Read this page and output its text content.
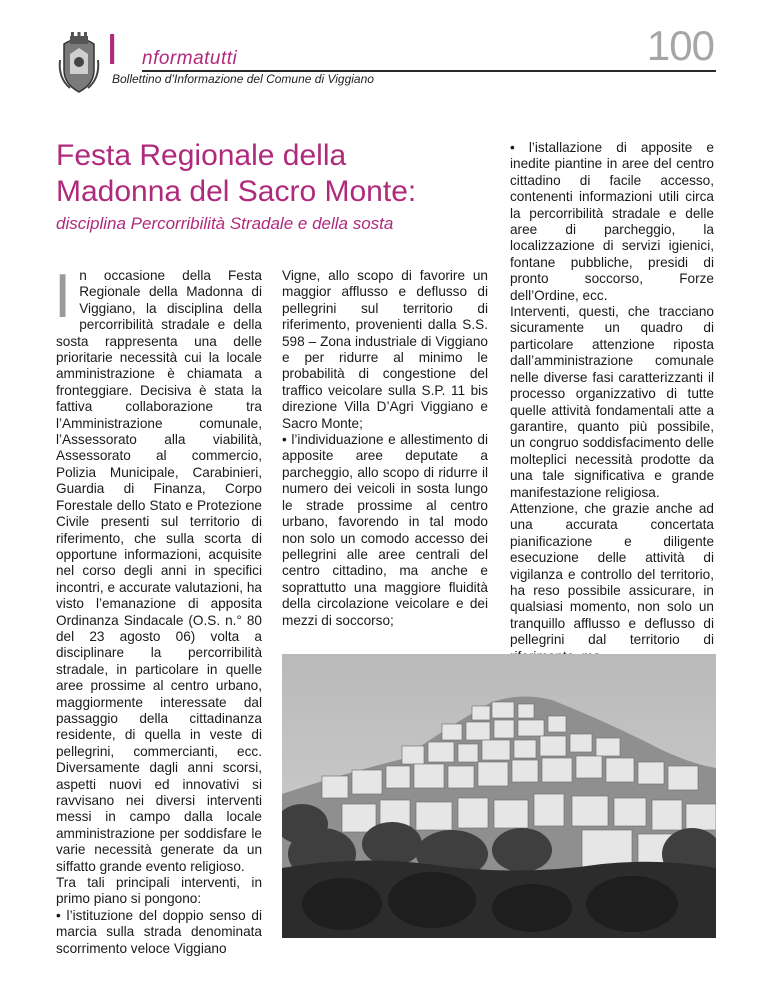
I nformatutti
Bollettino d’Informazione del Comune di Viggiano
100
Festa Regionale della
Madonna del Sacro Monte:
disciplina Percorribilità Stradale e della sosta
I n occasione della Festa Regionale della Madonna di Viggiano, la disciplina della percorribilità stradale e della sosta rappresenta una delle prioritarie necessità cui la locale amministrazione è chiamata a fronteggiare. Decisiva è stata la fattiva collaborazione tra l’Amministrazione comunale, l’Assessorato alla viabilità, Assessorato al commercio, Polizia Municipale, Carabinieri, Guardia di Finanza, Corpo Forestale dello Stato e Protezione Civile presenti sul territorio di riferimento, che sulla scorta di opportune informazioni, acquisite nel corso degli anni in specifici incontri, e accurate valutazioni, ha visto l’emanazione di apposita Ordinanza Sindacale (O.S. n.° 80 del 23 agosto 06) volta a disciplinare la percorribilità stradale, in particolare in quelle aree prossime al centro urbano, maggiormente interessate dal passaggio della cittadinanza residente, di quella in veste di pellegrini, commercianti, ecc. Diversamente dagli anni scorsi, aspetti nuovi ed innovativi si ravvisano nei diversi interventi messi in campo dalla locale amministrazione per soddisfare le varie necessità generate da un siffatto grande evento religioso.

Tra tali principali interventi, in primo piano si pongono:

• l’istituzione del doppio senso di marcia sulla strada denominata scorrimento veloce Viggiano

Vigne, allo scopo di favorire un maggior afflusso e deflusso di pellegrini sul territorio di riferimento, provenienti dalla S.S. 598 – Zona industriale di Viggiano e per ridurre al minimo le probabilità di congestione del traffico veicolare sulla S.P. 11 bis direzione Villa D’Agri Viggiano e Sacro Monte;

• l’individuazione e allestimento di apposite aree deputate a parcheggio, allo scopo di ridurre il numero dei veicoli in sosta lungo le strade prossime al centro urbano, favorendo in tal modo non solo un comodo accesso dei pellegrini alle aree centrali del centro cittadino, ma anche e soprattutto una maggiore fluidità della circolazione veicolare e dei mezzi di soccorso;

• l’istallazione di apposite e inedite piantine in aree del centro cittadino di facile accesso, contenenti informazioni utili circa la percorribilità stradale e delle aree di parcheggio, la localizzazione di servizi igienici, fontane pubbliche, presidi di pronto soccorso, Forze dell’Ordine, ecc.

Interventi, questi, che tracciano sicuramente un quadro di particolare attenzione riposta dall’amministrazione comunale nelle diverse fasi caratterizzanti il processo organizzativo di tutte quelle attività fondamentali atte a garantire, quanto più possibile, un congruo soddisfacimento delle molteplici necessità prodotte da una tale significativa e grande manifestazione religiosa.

Attenzione, che grazie anche ad una accurata concertata pianificazione e diligente esecuzione delle attività di vigilanza e controllo del territorio, ha reso possibile assicurare, in qualsiasi momento, non solo un tranquillo afflusso e deflusso di pellegrini dal territorio di
